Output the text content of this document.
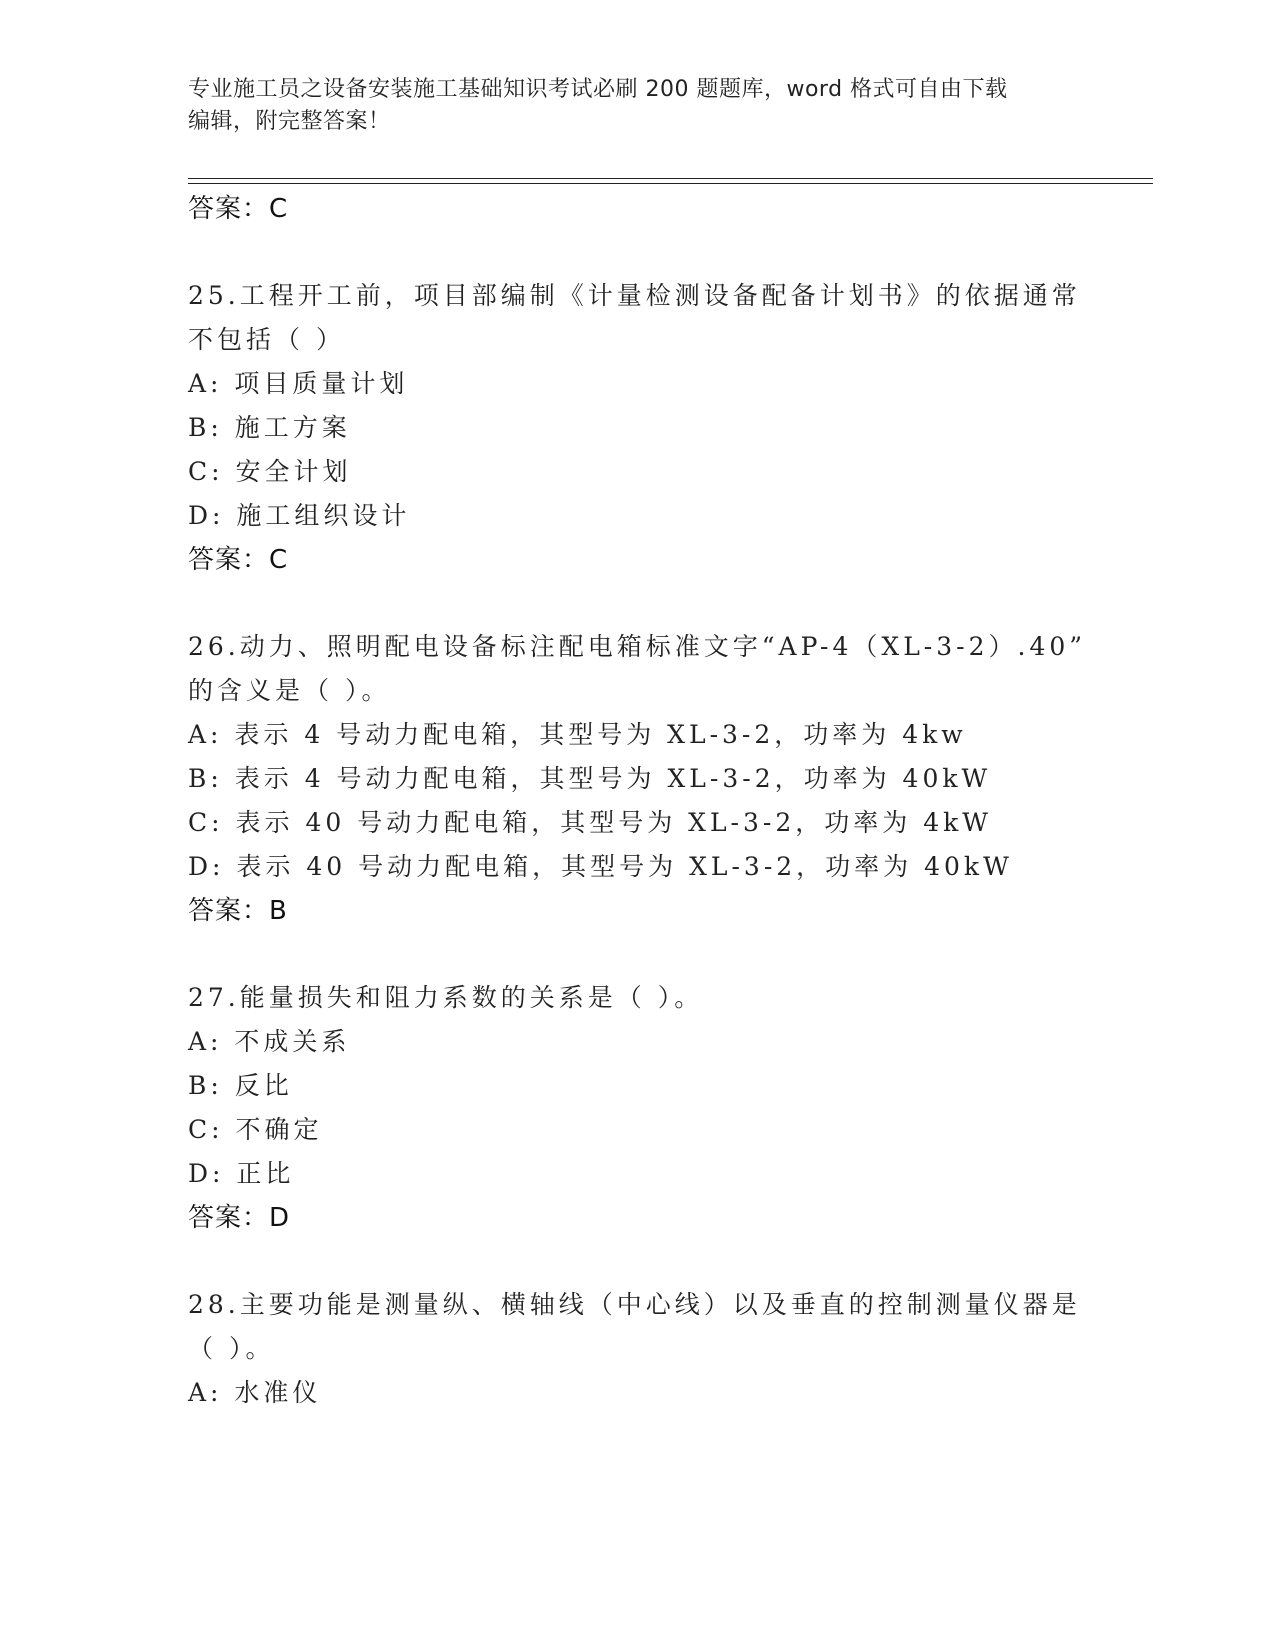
专业施工员之设备安装施工基础知识考试必刷 200 题题库，word 格式可自由下载
编辑，附完整答案！
答案：C
25.工程开工前，项目部编制《计量检测设备配备计划书》的依据通常
不包括（ ）
A: 项目质量计划
B: 施工方案
C: 安全计划
D: 施工组织设计
答案：C
26.动力、照明配电设备标注配电箱标准文字“AP-4（XL-3-2）.40”
的含义是（ ）。
A: 表示 4 号动力配电箱，其型号为 XL-3-2，功率为 4kw
B: 表示 4 号动力配电箱，其型号为 XL-3-2，功率为 40kW
C: 表示 40 号动力配电箱，其型号为 XL-3-2，功率为 4kW
D: 表示 40 号动力配电箱，其型号为 XL-3-2，功率为 40kW
答案：B
27.能量损失和阻力系数的关系是（ ）。
A: 不成关系
B: 反比
C: 不确定
D: 正比
答案：D
28.主要功能是测量纵、横轴线（中心线）以及垂直的控制测量仪器是
（ ）。
A: 水准仪
